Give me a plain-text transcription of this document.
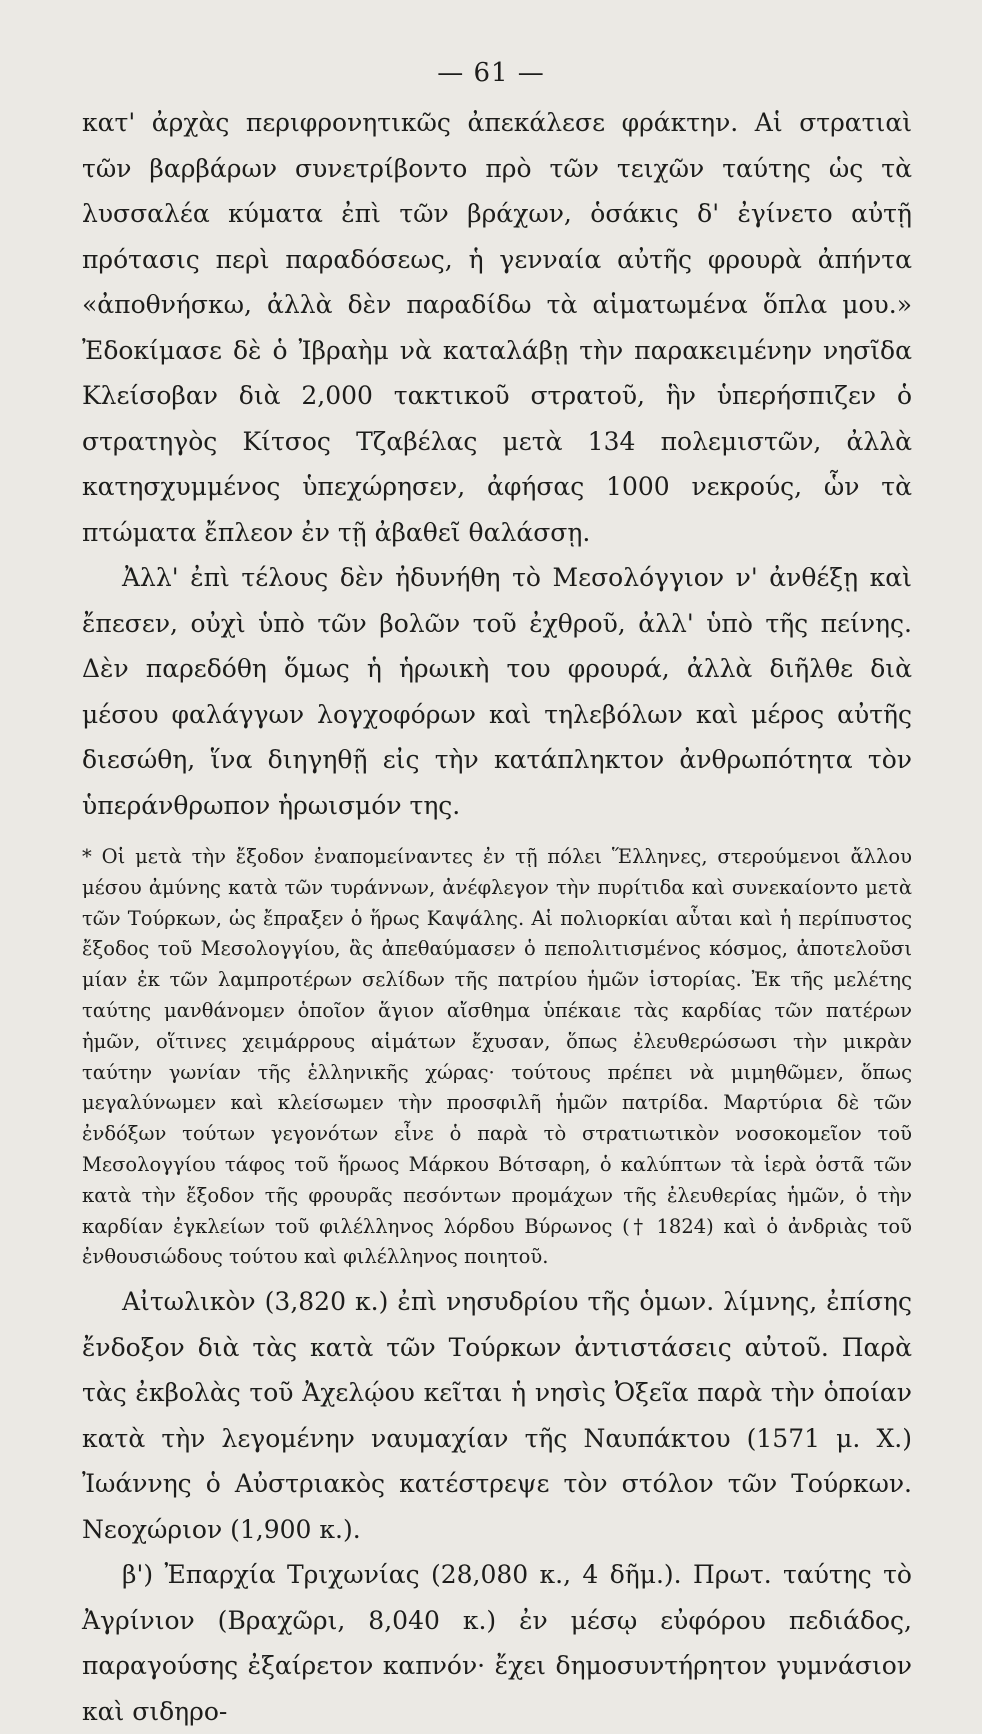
— 61 —

κατ' ἀρχὰς περιφρονητικῶς ἀπεκάλεσε φράκτην. Αἱ στρατιαὶ τῶν βαρβάρων συνετρίβοντο πρὸ τῶν τειχῶν ταύτης ὡς τὰ λυσσαλέα κύματα ἐπὶ τῶν βράχων, ὁσάκις δ' ἐγίνετο αὐτῇ πρότασις περὶ παραδόσεως, ἡ γενναία αὐτῆς φρουρὰ ἀπήντα «ἀποθνήσκω, ἀλλὰ δὲν παραδίδω τὰ αἱματωμένα ὅπλα μου.» Ἐδοκίμασε δὲ ὁ Ἰβραὴμ νὰ καταλάβῃ τὴν παρακειμένην νησῖδα Κλείσοβαν διὰ 2,000 τακτικοῦ στρατοῦ, ἣν ὑπερήσπιζεν ὁ στρατηγὸς Κίτσος Τζαβέλας μετὰ 134 πολεμιστῶν, ἀλλὰ κατησχυμμένος ὑπεχώρησεν, ἀφήσας 1000 νεκρούς, ὧν τὰ πτώματα ἔπλεον ἐν τῇ ἀβαθεῖ θαλάσσῃ.

Ἀλλ' ἐπὶ τέλους δὲν ἠδυνήθη τὸ Μεσολόγγιον ν' ἀνθέξῃ καὶ ἔπεσεν, οὐχὶ ὑπὸ τῶν βολῶν τοῦ ἐχθροῦ, ἀλλ' ὑπὸ τῆς πείνης. Δὲν παρεδόθη ὅμως ἡ ἡρωικὴ του φρουρά, ἀλλὰ διῆλθε διὰ μέσου φαλάγγων λογχοφόρων καὶ τηλεβόλων καὶ μέρος αὐτῆς διεσώθη, ἵνα διηγηθῇ εἰς τὴν κατάπληκτον ἀνθρωπότητα τὸν ὑπεράνθρωπον ἡρωισμόν της.

* Οἱ μετὰ τὴν ἔξοδον ἐναπομείναντες ἐν τῇ πόλει Ἕλληνες, στερούμενοι ἄλλου μέσου ἀμύνης κατὰ τῶν τυράννων, ἀνέφλεγον τὴν πυρίτιδα καὶ συνεκαίοντο μετὰ τῶν Τούρκων, ὡς ἔπραξεν ὁ ἥρως Καψάλης. Αἱ πολιορκίαι αὗται καὶ ἡ περίπυστος ἔξοδος τοῦ Μεσολογγίου, ἃς ἀπεθαύμασεν ὁ πεπολιτισμένος κόσμος, ἀποτελοῦσι μίαν ἐκ τῶν λαμπροτέρων σελίδων τῆς πατρίου ἡμῶν ἱστορίας. Ἐκ τῆς μελέτης ταύτης μανθάνομεν ὁποῖον ἅγιον αἴσθημα ὑπέκαιε τὰς καρδίας τῶν πατέρων ἡμῶν, οἵτινες χειμάρρους αἱμάτων ἔχυσαν, ὅπως ἐλευθερώσωσι τὴν μικρὰν ταύτην γωνίαν τῆς ἑλληνικῆς χώρας· τούτους πρέπει νὰ μιμηθῶμεν, ὅπως μεγαλύνωμεν καὶ κλείσωμεν τὴν προσφιλῆ ἡμῶν πατρίδα. Μαρτύρια δὲ τῶν ἐνδόξων τούτων γεγονότων εἶνε ὁ παρὰ τὸ στρατιωτικὸν νοσοκομεῖον τοῦ Μεσολογγίου τάφος τοῦ ἥρωος Μάρκου Βότσαρη, ὁ καλύπτων τὰ ἱερὰ ὀστᾶ τῶν κατὰ τὴν ἔξοδον τῆς φρουρᾶς πεσόντων προμάχων τῆς ἐλευθερίας ἡμῶν, ὁ τὴν καρδίαν ἐγκλείων τοῦ φιλέλληνος λόρδου Βύρωνος († 1824) καὶ ὁ ἀνδριὰς τοῦ ἐνθουσιώδους τούτου καὶ φιλέλληνος ποιητοῦ.

Αἰτωλικὸν (3,820 κ.) ἐπὶ νησυδρίου τῆς ὁμων. λίμνης, ἐπίσης ἔνδοξον διὰ τὰς κατὰ τῶν Τούρκων ἀντιστάσεις αὐτοῦ. Παρὰ τὰς ἐκβολὰς τοῦ Ἀχελῴου κεῖται ἡ νησὶς Ὀξεῖα παρὰ τὴν ὁποίαν κατὰ τὴν λεγομένην ναυμαχίαν τῆς Ναυπάκτου (1571 μ. Χ.) Ἰωάννης ὁ Αὐστριακὸς κατέστρεψε τὸν στόλον τῶν Τούρκων. Νεοχώριον (1,900 κ.).

β') Ἐπαρχία Τριχωνίας (28,080 κ., 4 δῆμ.). Πρωτ. ταύτης τὸ Ἀγρίνιον (Βραχῶρι, 8,040 κ.) ἐν μέσῳ εὐφόρου πεδιάδος, παραγούσης ἐξαίρετον καπνόν· ἔχει δημοσυντήρητον γυμνάσιον καὶ σιδηρο-
